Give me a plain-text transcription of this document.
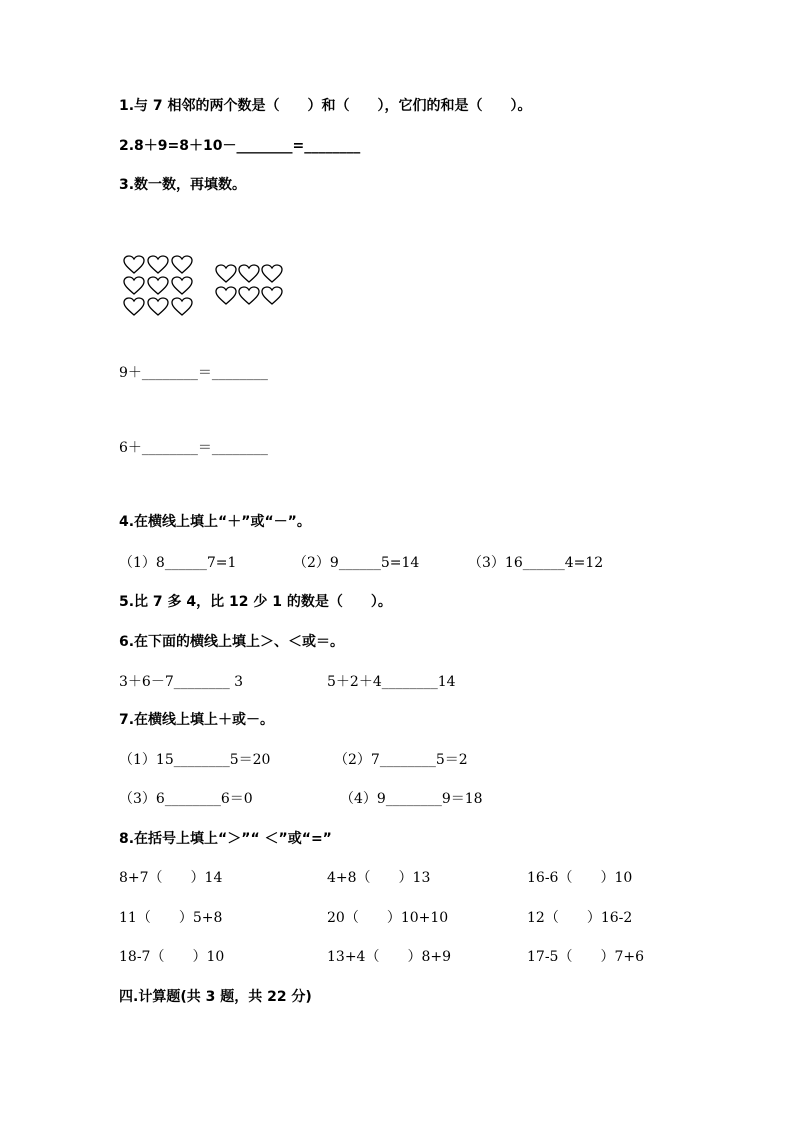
1.与 7 相邻的两个数是（　　）和（　　），它们的和是（　　）。
2.8＋9=8＋10－________=________
3.数一数，再填数。
9＋________＝________
6＋________＝________
4.在横线上填上“＋”或“－”。
（1）8______7=1	（2）9______5=14	（3）16______4=12
5.比 7 多 4，比 12 少 1 的数是（　　）。
6.在下面的横线上填上＞、＜或＝。
3＋6－7________ 3	5＋2＋4________14
7.在横线上填上＋或－。
（1）15________5＝20	（2）7________5＝2
（3）6________6＝0	（4）9________9＝18
8.在括号上填上“＞”“ ＜”或“=”
8+7（　　）14	4+8（　　）13	16-6（　　）10
11（　　）5+8	20（　　）10+10	12（　　）16-2
18-7（　　）10	13+4（　　）8+9	17-5（　　）7+6
四.计算题(共 3 题，共 22 分)
